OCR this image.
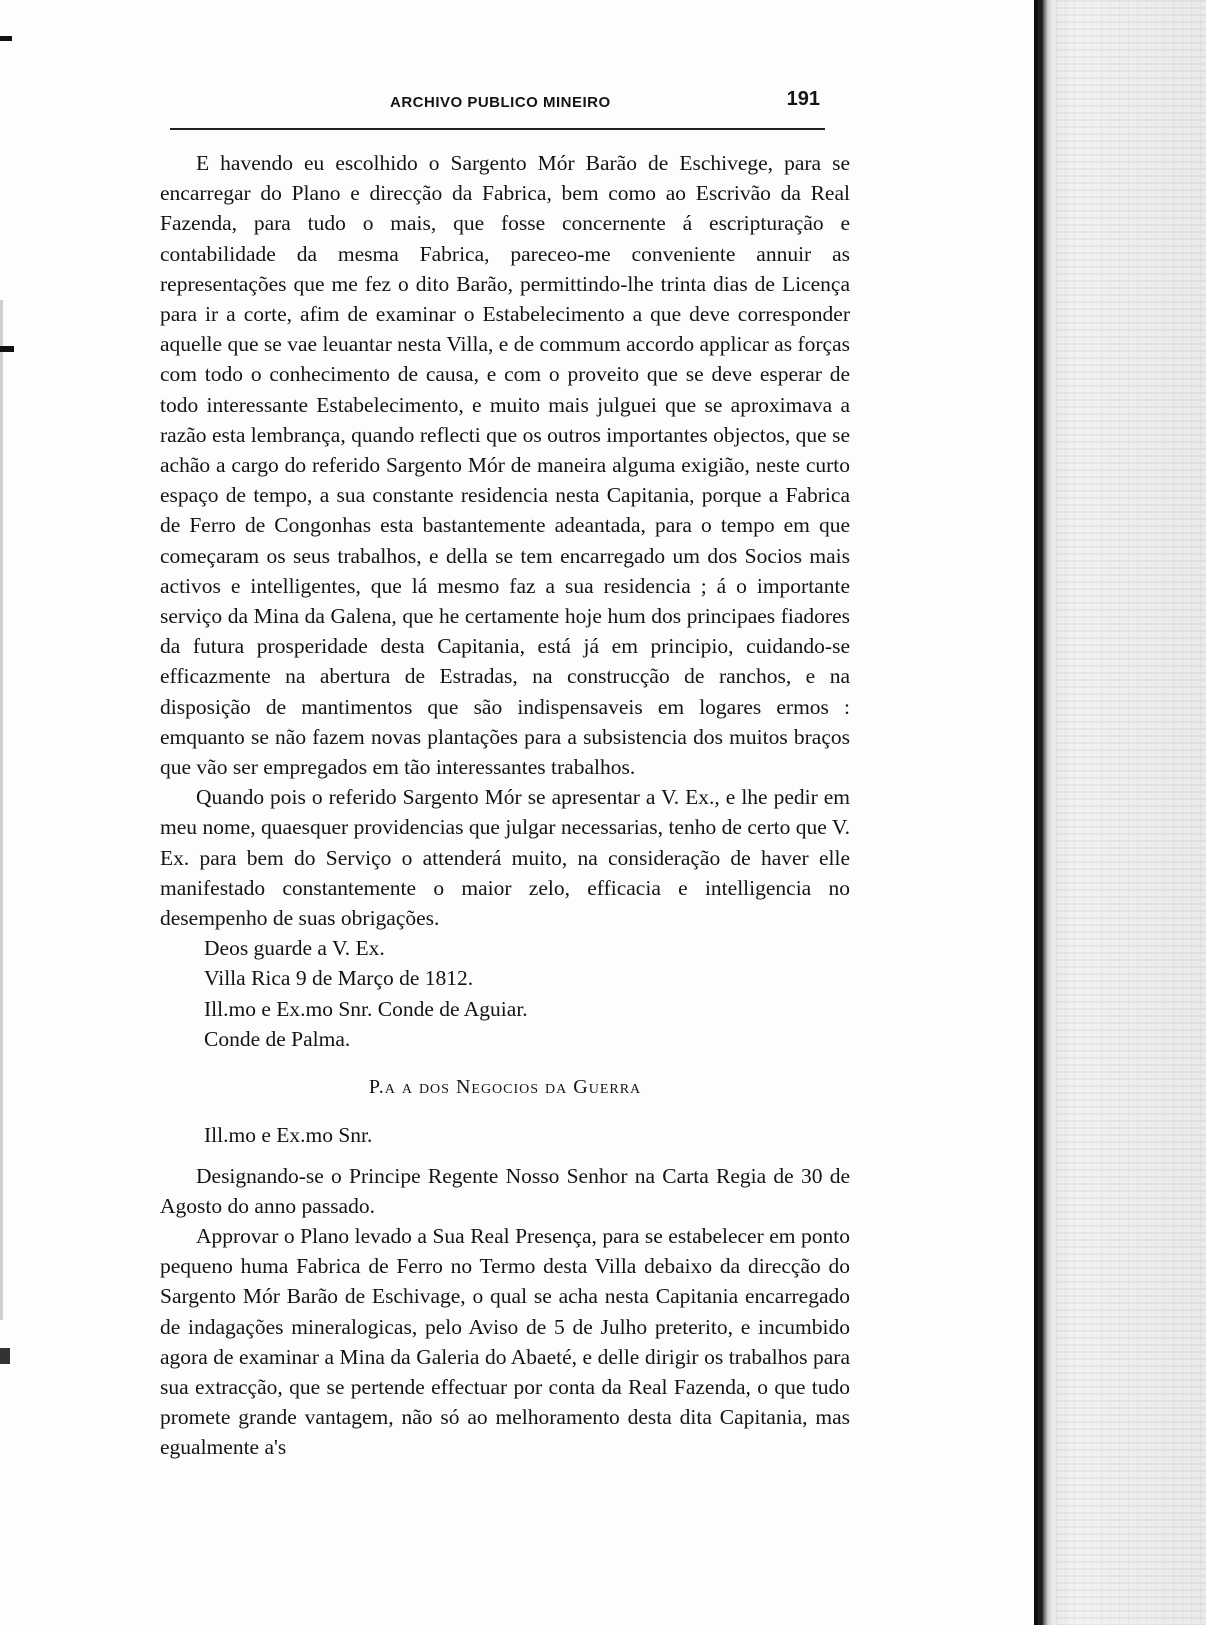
ARCHIVO PUBLICO MINEIRO	191

E havendo eu escolhido o Sargento Mór Barão de Eschivege, para se encarregar do Plano e direcção da Fabrica, bem como ao Escrivão da Real Fazenda, para tudo o mais, que fosse concernente á escripturação e contabilidade da mesma Fabrica, pareceo-me conveniente annuir as representações que me fez o dito Barão, permittindo-lhe trinta dias de Licença para ir a corte, afim de examinar o Estabelecimento a que deve corresponder aquelle que se vae leuantar nesta Villa, e de commum accordo applicar as forças com todo o conhecimento de causa, e com o proveito que se deve esperar de todo interessante Estabelecimento, e muito mais julguei que se aproximava a razão esta lembrança, quando reflecti que os outros importantes objectos, que se achão a cargo do referido Sargento Mór de maneira alguma exigião, neste curto espaço de tempo, a sua constante residencia nesta Capitania, porque a Fabrica de Ferro de Congonhas esta bastantemente adeantada, para o tempo em que começaram os seus trabalhos, e della se tem encarregado um dos Socios mais activos e intelligentes, que lá mesmo faz a sua residencia ; á o importante serviço da Mina da Galena, que he certamente hoje hum dos principaes fiadores da futura prosperidade desta Capitania, está já em principio, cuidando-se efficazmente na abertura de Estradas, na construcção de ranchos, e na disposição de mantimentos que são indispensaveis em logares ermos : emquanto se não fazem novas plantações para a subsistencia dos muitos braços que vão ser empregados em tão interessantes trabalhos.

Quando pois o referido Sargento Mór se apresentar a V. Ex., e lhe pedir em meu nome, quaesquer providencias que julgar necessarias, tenho de certo que V. Ex. para bem do Serviço o attenderá muito, na consideração de haver elle manifestado constantemente o maior zelo, efficacia e intelligencia no desempenho de suas obrigações.

Deos guarde a V. Ex.

Villa Rica 9 de Março de 1812.

Ill.mo e Ex.mo Snr. Conde de Aguiar.

Conde de Palma.

P.a a dos Negocios da Guerra

Ill.mo e Ex.mo Snr.

Designando-se o Principe Regente Nosso Senhor na Carta Regia de 30 de Agosto do anno passado.

Approvar o Plano levado a Sua Real Presença, para se estabelecer em ponto pequeno huma Fabrica de Ferro no Termo desta Villa debaixo da direcção do Sargento Mór Barão de Eschivage, o qual se acha nesta Capitania encarregado de indagações mineralogicas, pelo Aviso de 5 de Julho preterito, e incumbido agora de examinar a Mina da Galeria do Abaeté, e delle dirigir os trabalhos para sua extracção, que se pertende effectuar por conta da Real Fazenda, o que tudo promete grande vantagem, não só ao melhoramento desta dita Capitania, mas egualmente a's
